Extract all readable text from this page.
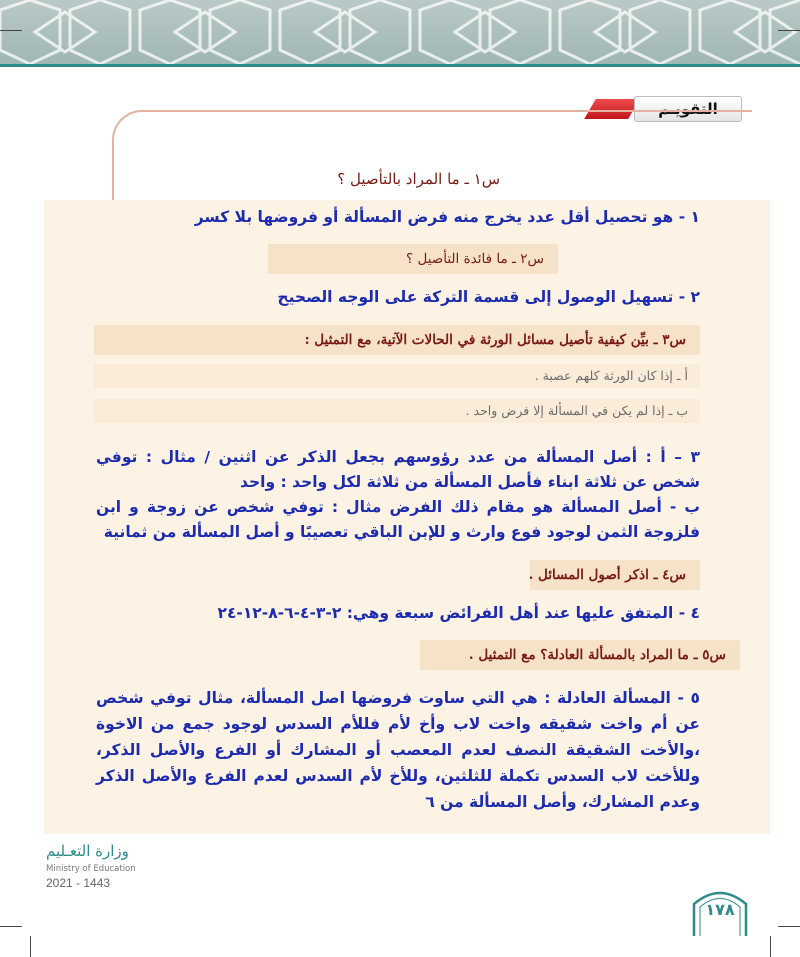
التقويـم
س١ ـ ما المراد بالتأصيل ؟
١ - هو تحصيل أقل عدد يخرج منه فرض المسألة أو فروضها بلا كسر
س٢ ـ ما فائدة التأصيل ؟
٢ - تسهيل الوصول إلى قسمة التركة على الوجه الصحيح
س٣ ـ بيِّن كيفية تأصيل مسائل الورثة في الحالات الآتية، مع التمثيل :
أ ـ إذا كان الورثة كلهم عصبة .
ب ـ إذا لم يكن في المسألة إلا فرض واحد .
٣ – أ : أصل المسألة من عدد رؤوسهم بجعل الذكر عن اثنين / مثال : توفي شخص عن ثلاثة ابناء فأصل المسألة من ثلاثة لكل واحد : واحد
ب - أصل المسألة هو مقام ذلك الفرض مثال : توفي شخص عن زوجة و ابن فلزوجة الثمن لوجود فوع وارث و للإبن الباقي تعصيبًا و أصل المسألة من ثمانية
س٤ ـ اذكر أصول المسائل .
٤ - المتفق عليها عند أهل الفرائض سبعة وهي: ٢-٣-٤-٦-٨-١٢-٢٤
س٥ ـ ما المراد بالمسألة العادلة؟ مع التمثيل .
٥ - المسألة العادلة : هي التي ساوت فروضها اصل المسألة، مثال توفي شخص عن أم واخت شقيقه واخت لاب وأخ لأم فللأم السدس لوجود جمع من الاخوة ،والأخت الشقيقة النصف لعدم المعصب أو المشارك أو الفرع والأصل الذكر، وللأخت لاب السدس تكملة للثلثين، وللأخ لأم السدس لعدم الفرع والأصل الذكر وعدم المشارك، وأصل المسألة من ٦
وزارة التعـليم
Ministry of Education
2021 - 1443
١٧٨
